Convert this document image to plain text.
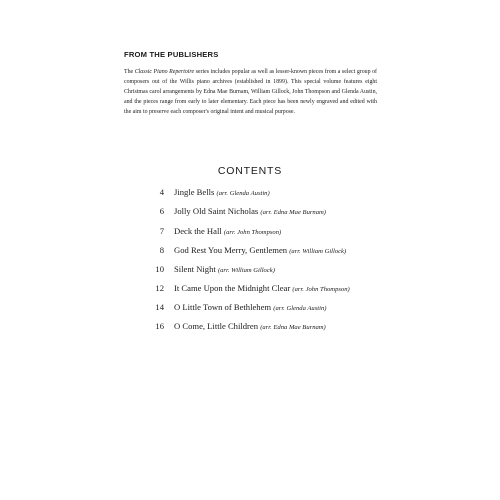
FROM THE PUBLISHERS

The Classic Piano Repertoire series includes popular as well as lesser-known pieces from a select group of composers out of the Willis piano archives (established in 1899). This special volume features eight Christmas carol arrangements by Edna Mae Burnam, William Gillock, John Thompson and Glenda Austin, and the pieces range from early to later elementary. Each piece has been newly engraved and edited with the aim to preserve each composer's original intent and musical purpose.

CONTENTS
4 Jingle Bells (arr. Glenda Austin)
6 Jolly Old Saint Nicholas (arr. Edna Mae Burnam)
7 Deck the Hall (arr. John Thompson)
8 God Rest You Merry, Gentlemen (arr. William Gillock)
10 Silent Night (arr. William Gillock)
12 It Came Upon the Midnight Clear (arr. John Thompson)
14 O Little Town of Bethlehem (arr. Glenda Austin)
16 O Come, Little Children (arr. Edna Mae Burnam)
